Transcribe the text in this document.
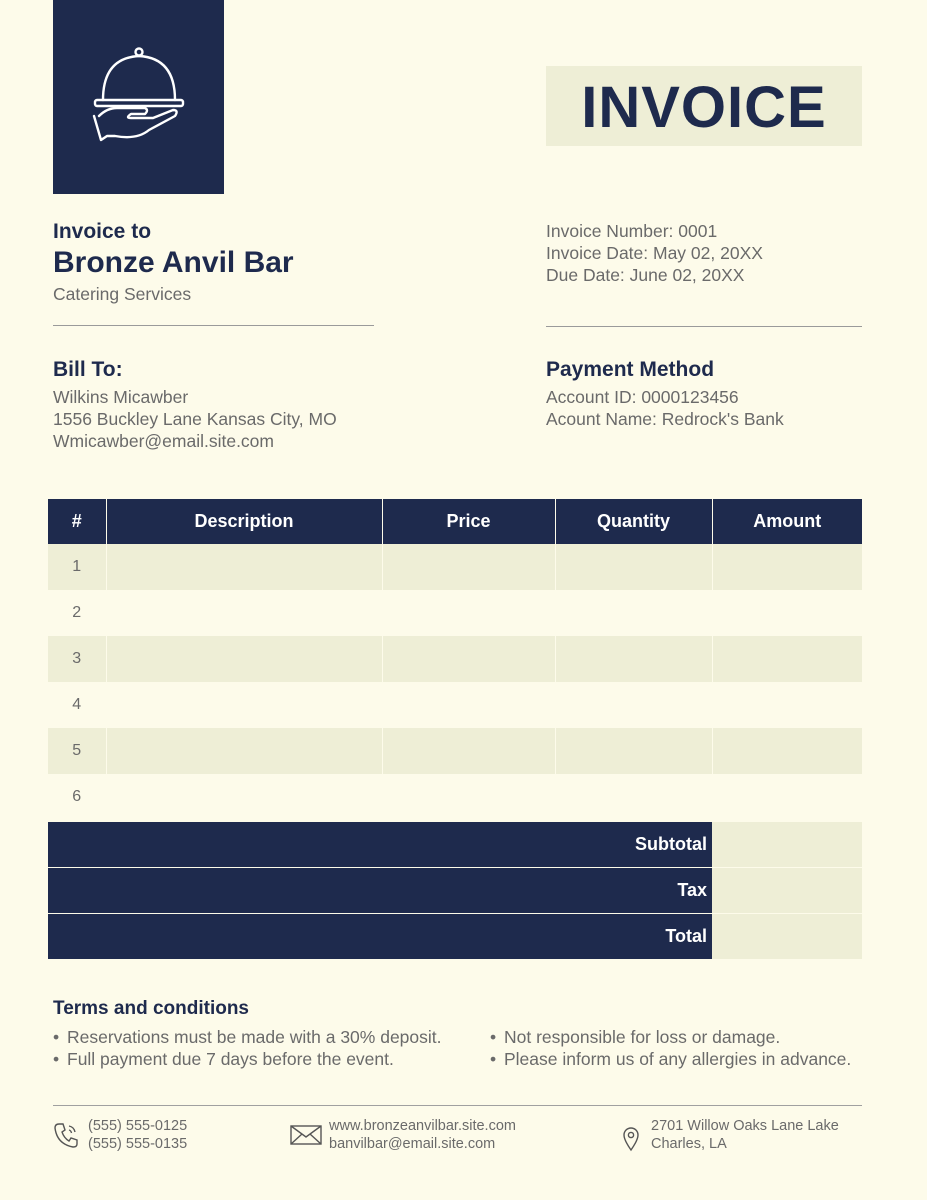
INVOICE
Invoice to
Bronze Anvil Bar
Catering Services
Invoice Number: 0001
Invoice Date: May 02, 20XX
Due Date: June 02, 20XX
Bill To:
Wilkins Micawber
1556 Buckley Lane Kansas City, MO
Wmicawber@email.site.com
Payment Method
Account ID: 0000123456
Acount Name: Redrock's Bank
#	Description	Price	Quantity	Amount
1				
2				
3				
4				
5				
6				
Subtotal
Tax
Total
Terms and conditions
• Reservations must be made with a 30% deposit.
• Full payment due 7 days before the event.
• Not responsible for loss or damage.
• Please inform us of any allergies in advance.
(555) 555-0125
(555) 555-0135
www.bronzeanvilbar.site.com
banvilbar@email.site.com
2701 Willow Oaks Lane Lake
Charles, LA
